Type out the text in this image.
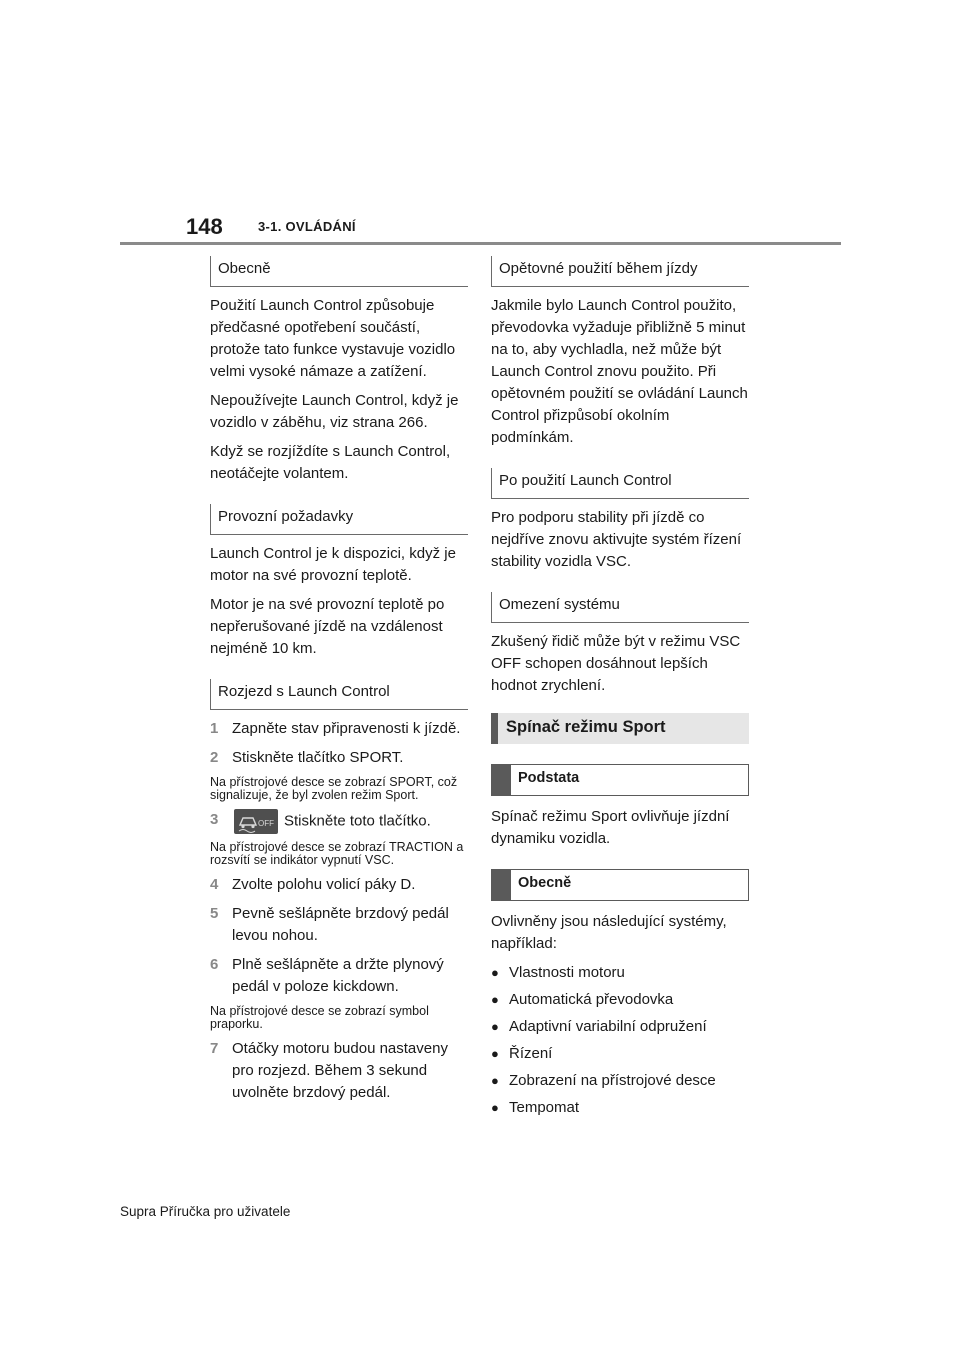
148	3-1. OVLÁDÁNÍ
Obecně

Použití Launch Control způsobuje předčasné opotřebení součástí, protože tato funkce vystavuje vozidlo velmi vysoké námaze a zatížení.

Nepoužívejte Launch Control, když je vozidlo v záběhu, viz strana 266.

Když se rozjíždíte s Launch Control, neotáčejte volantem.

Provozní požadavky

Launch Control je k dispozici, když je motor na své provozní teplotě.

Motor je na své provozní teplotě po nepřerušované jízdě na vzdálenost nejméně 10 km.

Rozjezd s Launch Control
1 Zapněte stav připravenosti k jízdě.
2 Stiskněte tlačítko SPORT.

Na přístrojové desce se zobrazí SPORT, což signalizuje, že byl zvolen režim Sport.

3	OFF Stiskněte toto tlačítko.

Na přístrojové desce se zobrazí TRACTION a rozsvítí se indikátor vypnutí VSC.

4 Zvolte polohu volicí páky D.
5 Pevně sešlápněte brzdový pedál levou nohou.
6 Plně sešlápněte a držte plynový pedál v poloze kickdown.

Na přístrojové desce se zobrazí symbol praporku.

7 Otáčky motoru budou nastaveny pro rozjezd. Během 3 sekund uvolněte brzdový pedál.
Opětovné použití během jízdy

Jakmile bylo Launch Control použito, převodovka vyžaduje přibližně 5 minut na to, aby vychladla, než může být Launch Control znovu použito. Při opětovném použití se ovládání Launch Control přizpůsobí okolním podmínkám.

Po použití Launch Control

Pro podporu stability při jízdě co nejdříve znovu aktivujte systém řízení stability vozidla VSC.

Omezení systému

Zkušený řidič může být v režimu VSC OFF schopen dosáhnout lepších hodnot zrychlení.

Spínač režimu Sport
Podstata

Spínač režimu Sport ovlivňuje jízdní dynamiku vozidla.

Obecně

Ovlivněny jsou následující systémy, například:

● Vlastnosti motoru
● Automatická převodovka
● Adaptivní variabilní odpružení
● Řízení
● Zobrazení na přístrojové desce
● Tempomat
Supra Příručka pro uživatele
